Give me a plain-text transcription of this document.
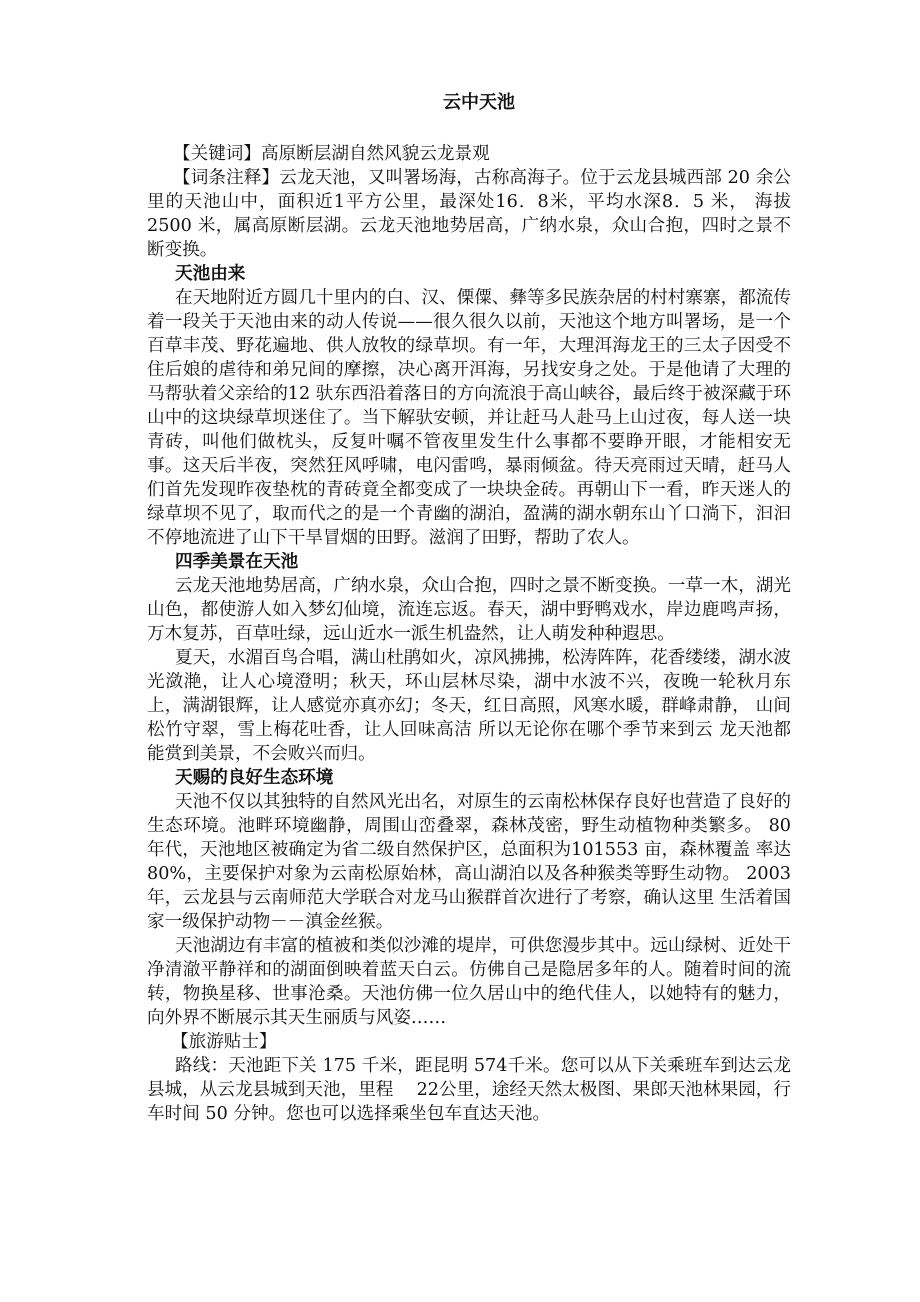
云中天池

【关键词】高原断层湖自然风貌云龙景观

【词条注释】云龙天池，又叫署场海，古称高海子。位于云龙县城西部 20 余公里的天池山中，面积近1平方公里，最深处16．8米，平均水深8．5 米， 海拔 2500 米，属高原断层湖。云龙天池地势居高，广纳水泉，众山合抱，四时之景不断变换。

天池由来

在天地附近方圆几十里内的白、汉、傈僳、彝等多民族杂居的村村寨寨，都流传着一段关于天池由来的动人传说——很久很久以前，天池这个地方叫署场，是一个百草丰茂、野花遍地、供人放牧的绿草坝。有一年，大理洱海龙王的三太子因受不住后娘的虐待和弟兄间的摩擦，决心离开洱海，另找安身之处。于是他请了大理的马帮驮着父亲给的12 驮东西沿着落日的方向流浪于高山峡谷，最后终于被深藏于环山中的这块绿草坝迷住了。当下解驮安顿，并让赶马人赴马上山过夜，每人送一块青砖，叫他们做枕头，反复叶嘱不管夜里发生什么事都不要睁开眼，才能相安无事。这天后半夜，突然狂风呼啸，电闪雷鸣，暴雨倾盆。待天亮雨过天晴，赶马人们首先发现昨夜垫枕的青砖竟全都变成了一块块金砖。再朝山下一看，昨天迷人的绿草坝不见了，取而代之的是一个青幽的湖泊，盈满的湖水朝东山丫口淌下，汩汩不停地流进了山下干旱冒烟的田野。滋润了田野，帮助了农人。

四季美景在天池

云龙天池地势居高，广纳水泉，众山合抱，四时之景不断变换。一草一木，湖光山色，都使游人如入梦幻仙境，流连忘返。春天，湖中野鸭戏水，岸边鹿鸣声扬，万木复苏，百草吐绿，远山近水一派生机盎然，让人萌发种种遐思。

夏天，水湄百鸟合唱，满山杜鹃如火，凉风拂拂，松涛阵阵，花香缕缕，湖水波光潋滟，让人心境澄明；秋天，环山层林尽染，湖中水波不兴，夜晚一轮秋月东上，满湖银辉，让人感觉亦真亦幻；冬天，红日高照，风寒水暖，群峰肃静， 山间松竹守翠，雪上梅花吐香，让人回味高洁 所以无论你在哪个季节来到云 龙天池都能赏到美景，不会败兴而归。

天赐的良好生态环境

天池不仅以其独特的自然风光出名，对原生的云南松林保存良好也营造了良好的生态环境。池畔环境幽静，周围山峦叠翠，森林茂密，野生动植物种类繁多。 80 年代，天池地区被确定为省二级自然保护区，总面积为101553 亩，森林覆盖 率达 80%，主要保护对象为云南松原始林，高山湖泊以及各种猴类等野生动物。 2003 年，云龙县与云南师范大学联合对龙马山猴群首次进行了考察，确认这里 生活着国家一级保护动物－－滇金丝猴。

天池湖边有丰富的植被和类似沙滩的堤岸，可供您漫步其中。远山绿树、近处干净清澈平静祥和的湖面倒映着蓝天白云。仿佛自己是隐居多年的人。随着时间的流转，物换星移、世事沧桑。天池仿佛一位久居山中的绝代佳人，以她特有的魅力，向外界不断展示其天生丽质与风姿……

【旅游贴士】

路线：天池距下关 175 千米，距昆明 574千米。您可以从下关乘班车到达云龙县城，从云龙县城到天池，里程 　22公里，途经天然太极图、果郎天池林果园，行车时间 50 分钟。您也可以选择乘坐包车直达天池。
